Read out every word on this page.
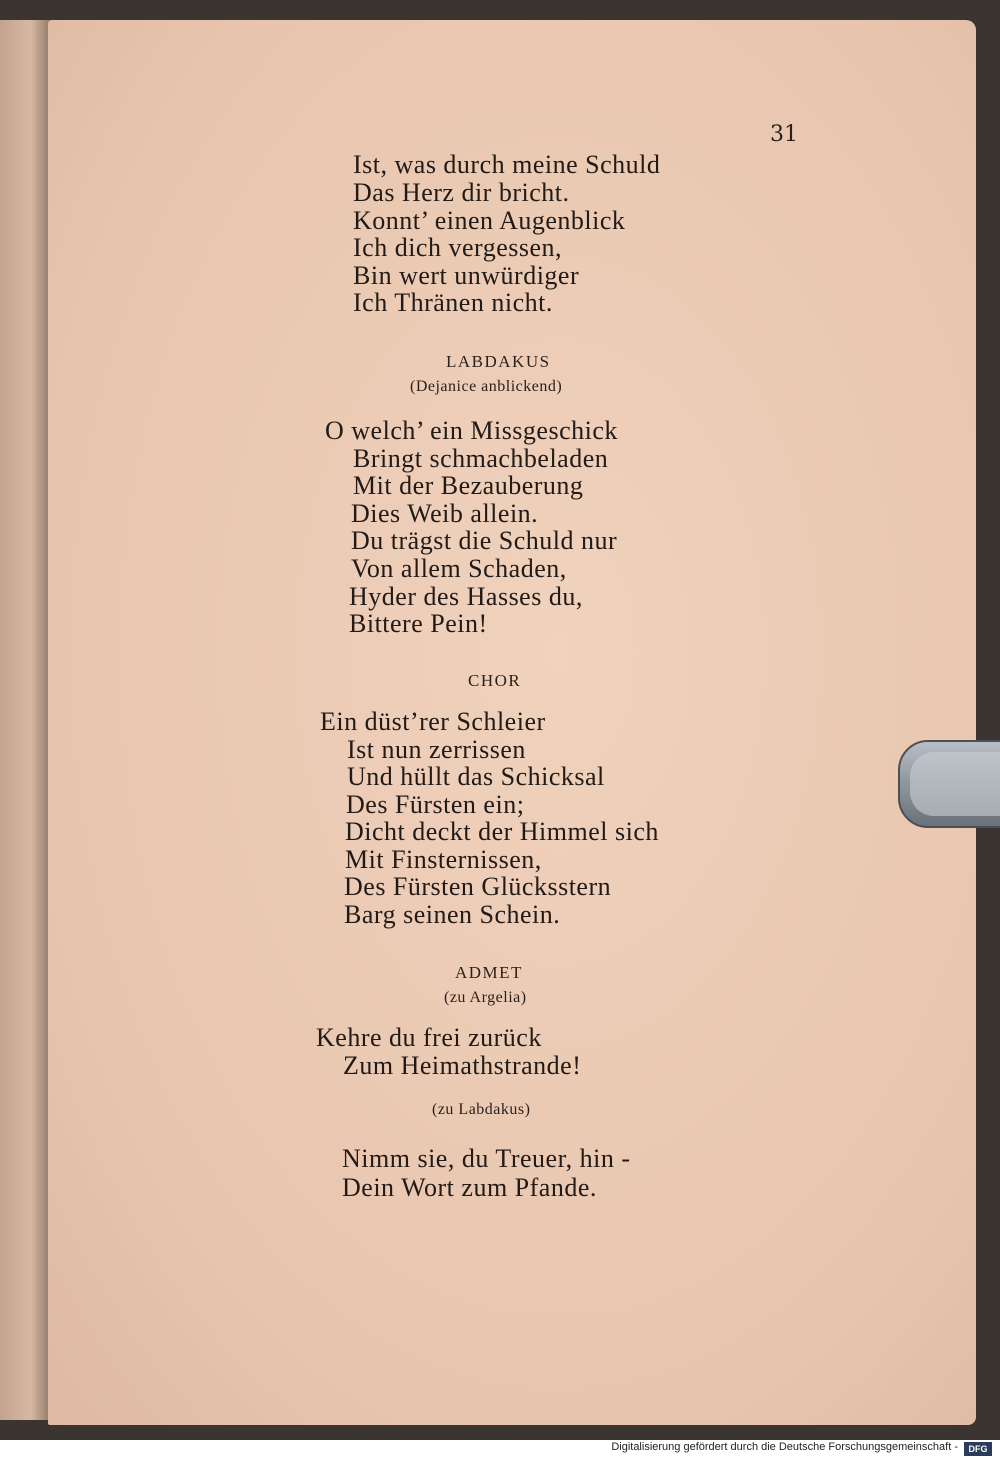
31
Ist, was durch meine Schuld
Das Herz dir bricht.
Konnt’ einen Augenblick
Ich dich vergessen,
Bin wert unwürdiger
Ich Thränen nicht.
LABDAKUS
(Dejanice anblickend)
O welch’ ein Missgeschick
Bringt schmachbeladen
Mit der Bezauberung
Dies Weib allein.
Du trägst die Schuld nur
Von allem Schaden,
Hyder des Hasses du,
Bittere Pein!
CHOR
Ein düst’rer Schleier
Ist nun zerrissen
Und hüllt das Schicksal
Des Fürsten ein;
Dicht deckt der Himmel sich
Mit Finsternissen,
Des Fürsten Glücksstern
Barg seinen Schein.
ADMET
(zu Argelia)
Kehre du frei zurück
Zum Heimathstrande!
(zu Labdakus)
Nimm sie, du Treuer, hin -
Dein Wort zum Pfande.
Digitalisierung gefördert durch die Deutsche Forschungsgemeinschaft -	DFG
